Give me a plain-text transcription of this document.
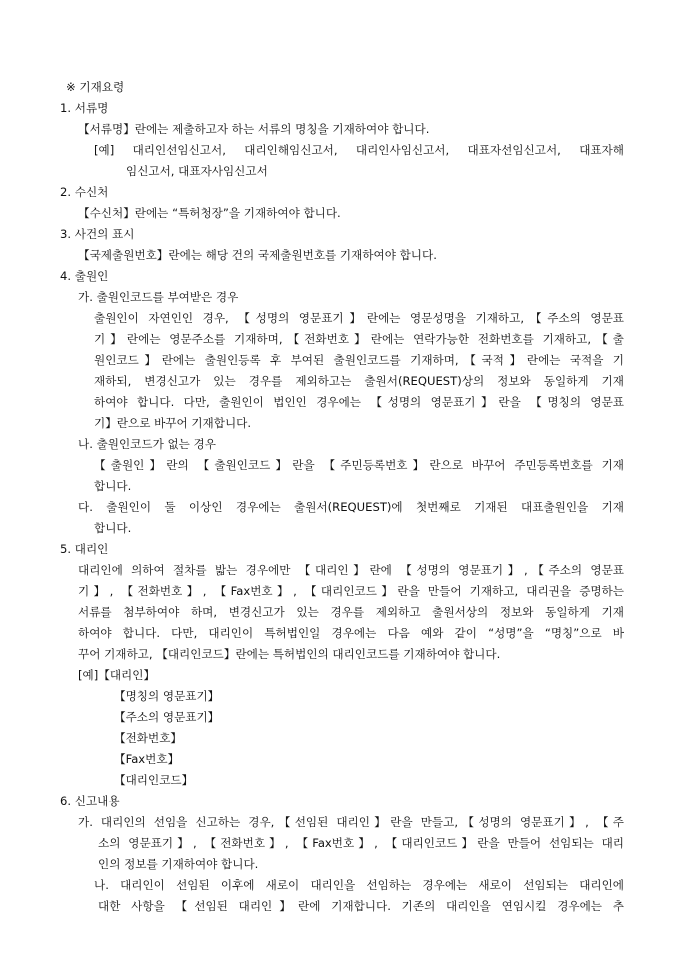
※ 기재요령
1. 서류명
【서류명】란에는 제출하고자 하는 서류의 명칭을 기재하여야 합니다.
[예] 대리인선임신고서, 대리인해임신고서, 대리인사임신고서, 대표자선임신고서, 대표자해
임신고서, 대표자사임신고서
2. 수신처
【수신처】란에는 “특허청장”을 기재하여야 합니다.
3. 사건의 표시
【국제출원번호】란에는 해당 건의 국제출원번호를 기재하여야 합니다.
4. 출원인
가. 출원인코드를 부여받은 경우
출원인이 자연인인 경우, 【성명의 영문표기】란에는 영문성명을 기재하고,【주소의 영문표
기】란에는 영문주소를 기재하며,【전화번호】란에는 연락가능한 전화번호를 기재하고,【출
원인코드】란에는 출원인등록 후 부여된 출원인코드를 기재하며,【국적】란에는 국적을 기
재하되, 변경신고가 있는 경우를 제외하고는 출원서(REQUEST)상의 정보와 동일하게 기재
하여야 합니다. 다만, 출원인이 법인인 경우에는 【성명의 영문표기】란을 【명칭의 영문표
기】란으로 바꾸어 기재합니다.
나. 출원인코드가 없는 경우
【출원인】란의 【출원인코드】란을 【주민등록번호】란으로 바꾸어 주민등록번호를 기재
합니다.
다. 출원인이 둘 이상인 경우에는 출원서(REQUEST)에 첫번째로 기재된 대표출원인을 기재
합니다.
5. 대리인
대리인에 의하여 절차를 밟는 경우에만 【대리인】란에 【성명의 영문표기】,【주소의 영문표
기】, 【전화번호】, 【Fax번호】, 【대리인코드】란을 만들어 기재하고, 대리권을 증명하는
서류를 첨부하여야 하며, 변경신고가 있는 경우를 제외하고 출원서상의 정보와 동일하게 기재
하여야 합니다. 다만, 대리인이 특허법인일 경우에는 다음 예와 같이 “성명”을 “명칭”으로 바
꾸어 기재하고, 【대리인코드】란에는 특허법인의 대리인코드를 기재하여야 합니다.
[예]【대리인】
【명칭의 영문표기】
【주소의 영문표기】
【전화번호】
【Fax번호】
【대리인코드】
6. 신고내용
가. 대리인의 선임을 신고하는 경우,【선임된 대리인】란을 만들고,【성명의 영문표기】, 【주
소의 영문표기】, 【전화번호】, 【Fax번호】, 【대리인코드】란을 만들어 선임되는 대리
인의 정보를 기재하여야 합니다.
나. 대리인이 선임된 이후에 새로이 대리인을 선임하는 경우에는 새로이 선임되는 대리인에
대한 사항을 【선임된 대리인】란에 기재합니다. 기존의 대리인을 연임시킬 경우에는 추
